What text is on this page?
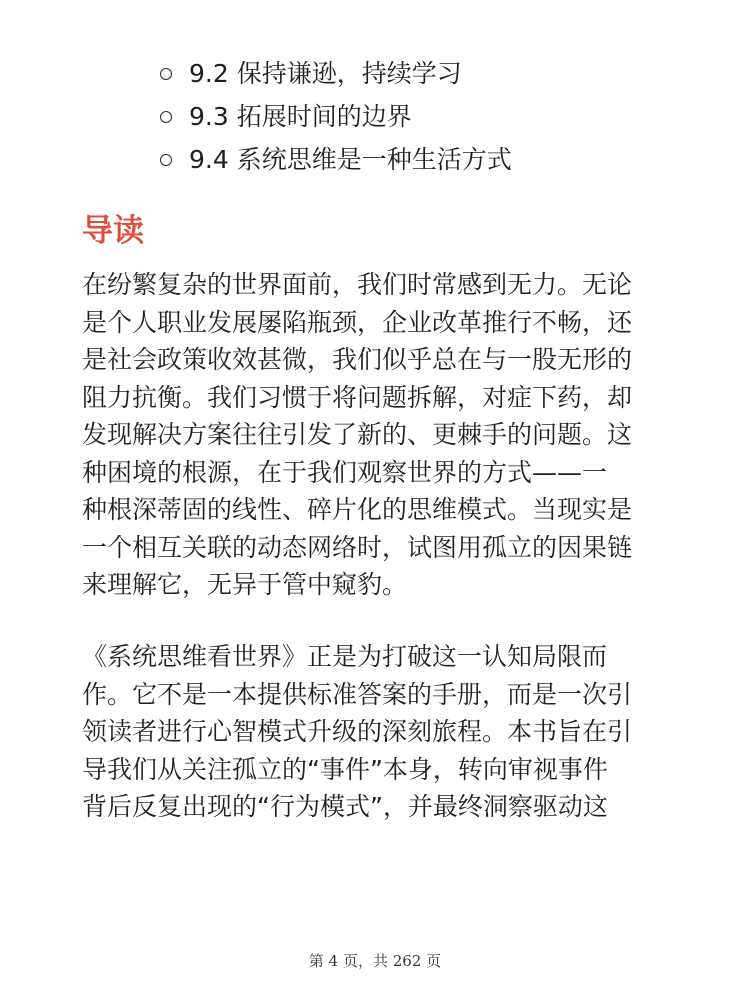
9.2 保持谦逊，持续学习
9.3 拓展时间的边界
9.4 系统思维是一种生活方式
导读

在纷繁复杂的世界面前，我们时常感到无力。无论
是个人职业发展屡陷瓶颈，企业改革推行不畅，还
是社会政策收效甚微，我们似乎总在与一股无形的
阻力抗衡。我们习惯于将问题拆解，对症下药，却
发现解决方案往往引发了新的、更棘手的问题。这
种困境的根源，在于我们观察世界的方式——一
种根深蒂固的线性、碎片化的思维模式。当现实是
一个相互关联的动态网络时，试图用孤立的因果链
来理解它，无异于管中窥豹。

《系统思维看世界》正是为打破这一认知局限而
作。它不是一本提供标准答案的手册，而是一次引
领读者进行心智模式升级的深刻旅程。本书旨在引
导我们从关注孤立的“事件”本身，转向审视事件
背后反复出现的“行为模式”，并最终洞察驱动这

第 4 页，共 262 页
